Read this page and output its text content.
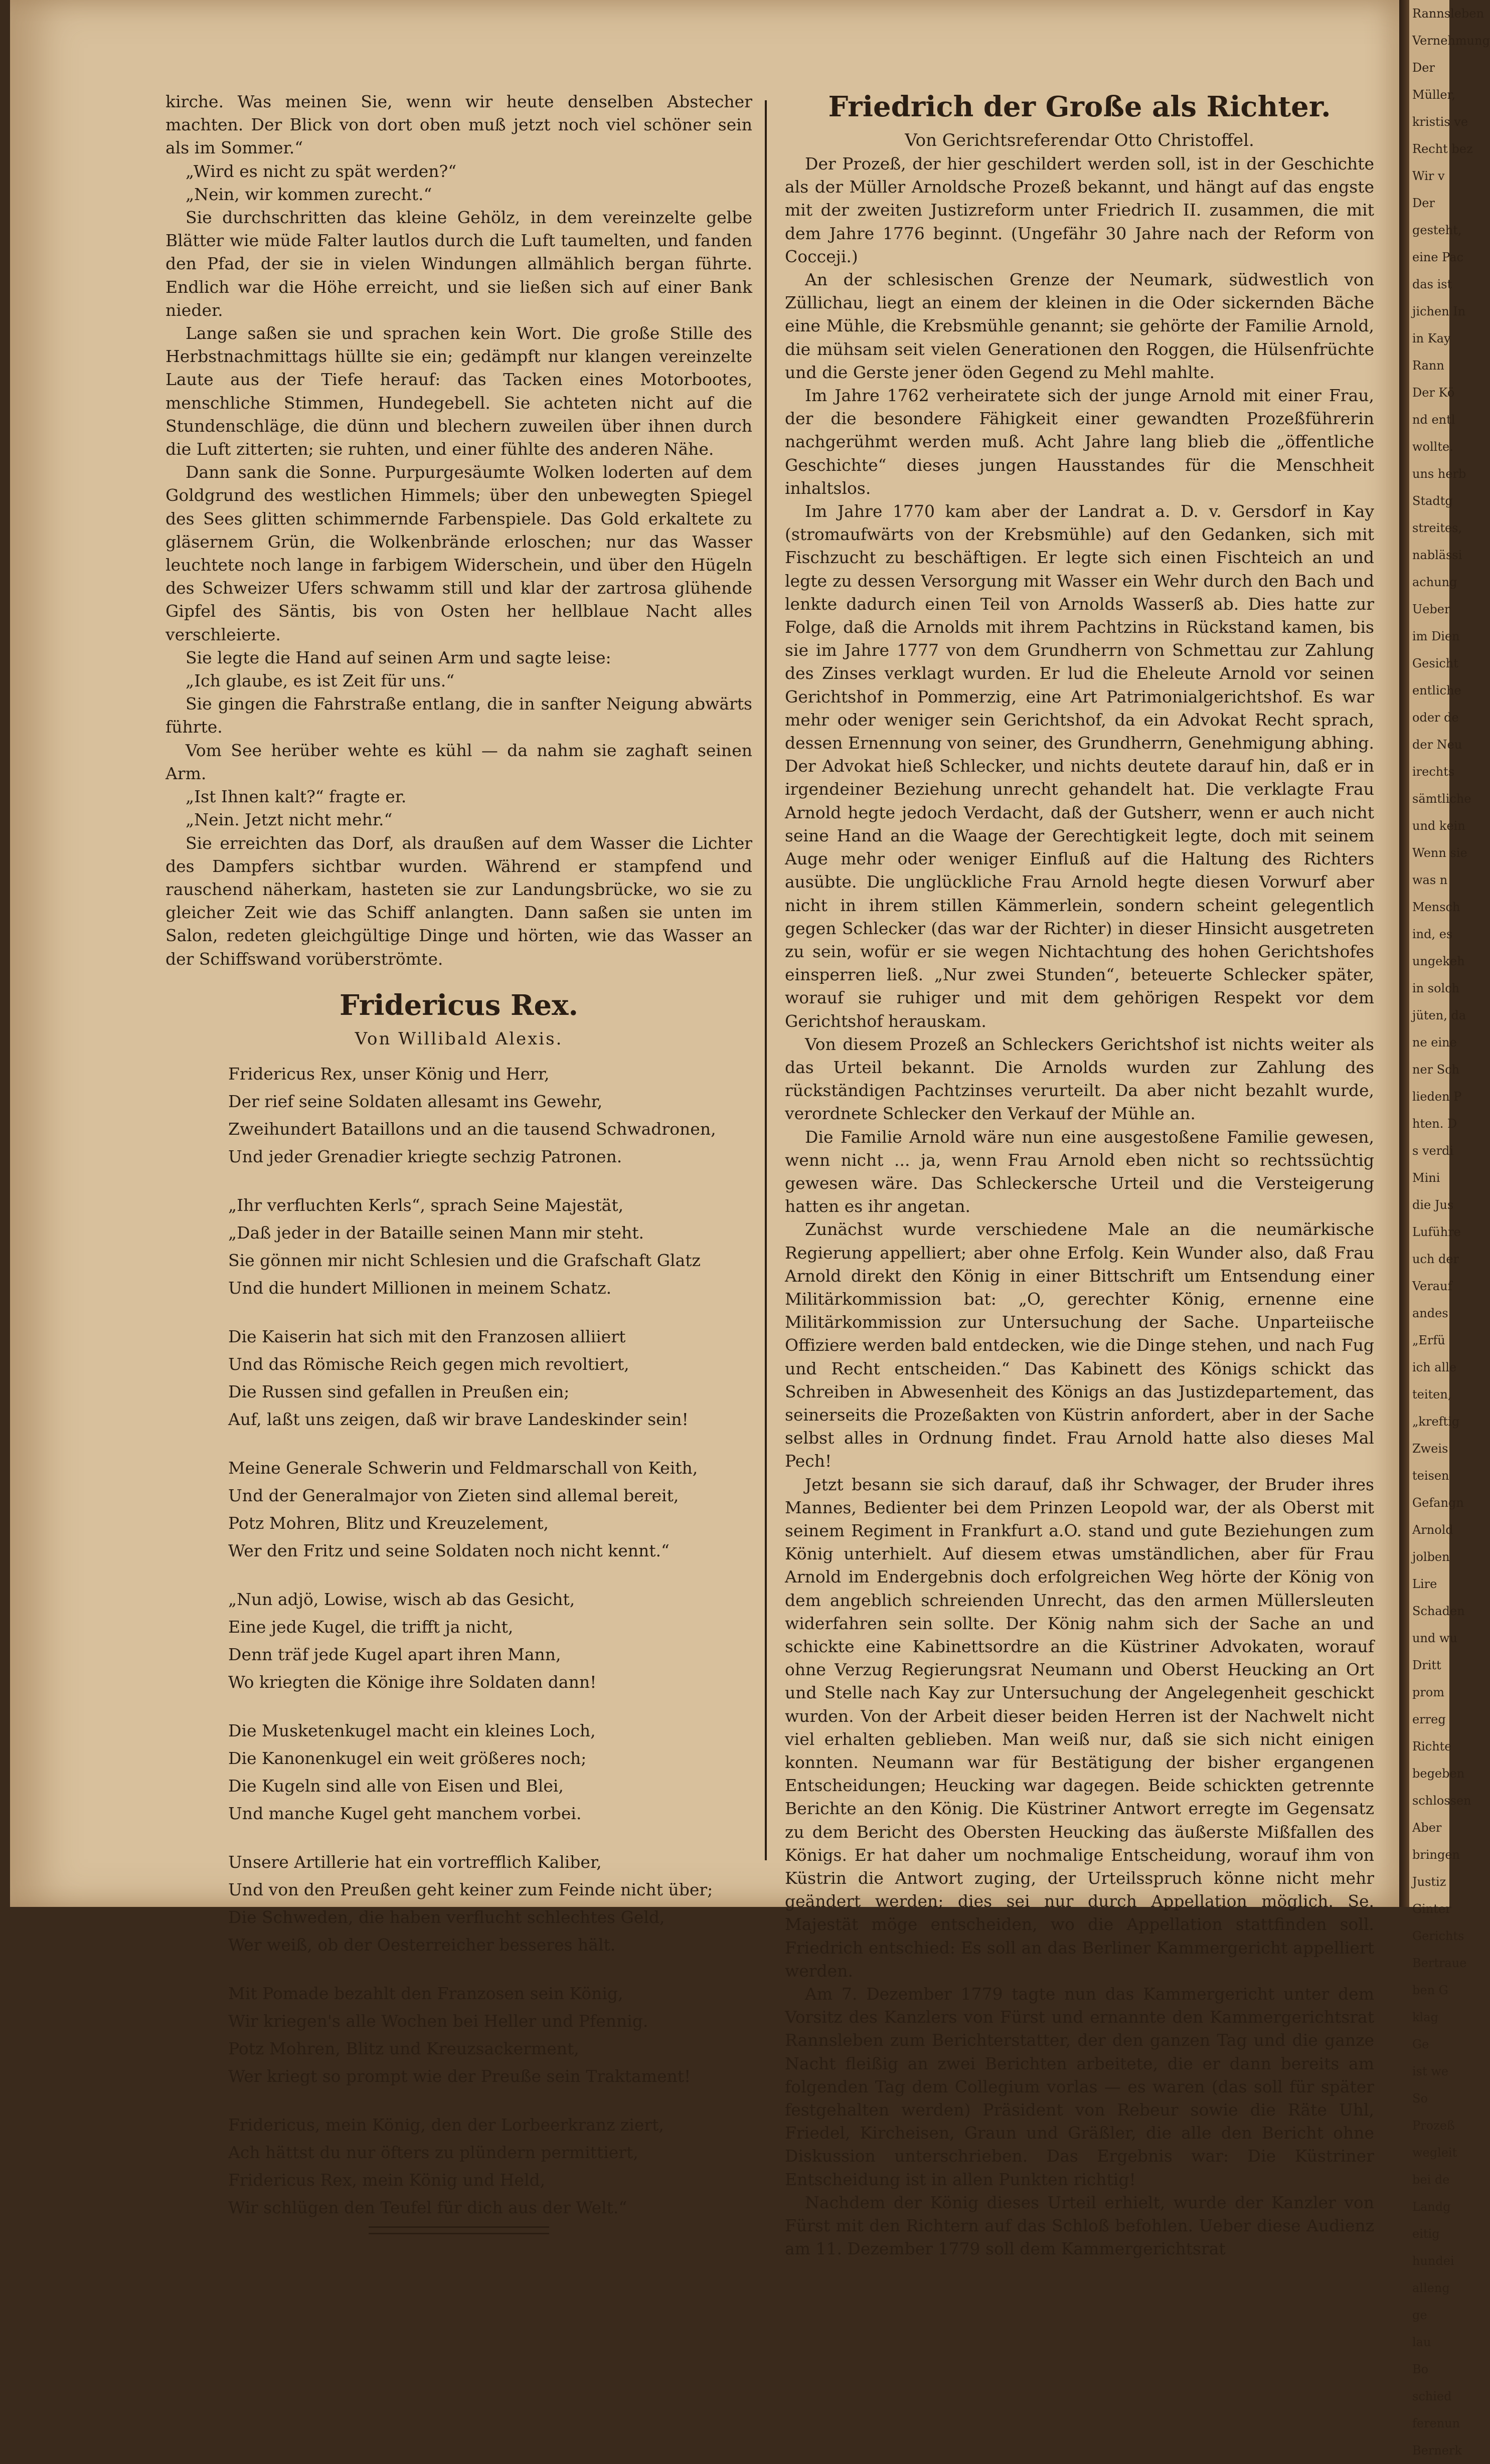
kirche. Was meinen Sie, wenn wir heute denselben Abstecher machten. Der Blick von dort oben muß jetzt noch viel schöner sein als im Sommer.“

„Wird es nicht zu spät werden?“

„Nein, wir kommen zurecht.“

Sie durchschritten das kleine Gehölz, in dem vereinzelte gelbe Blätter wie müde Falter lautlos durch die Luft taumelten, und fanden den Pfad, der sie in vielen Windungen allmählich bergan führte. Endlich war die Höhe erreicht, und sie ließen sich auf einer Bank nieder.

Lange saßen sie und sprachen kein Wort. Die große Stille des Herbstnachmittags hüllte sie ein; gedämpft nur klangen vereinzelte Laute aus der Tiefe herauf: das Tacken eines Motorbootes, menschliche Stimmen, Hundegebell. Sie achteten nicht auf die Stundenschläge, die dünn und blechern zuweilen über ihnen durch die Luft zitterten; sie ruhten, und einer fühlte des anderen Nähe.

Dann sank die Sonne. Purpurgesäumte Wolken loderten auf dem Goldgrund des westlichen Himmels; über den unbewegten Spiegel des Sees glitten schimmernde Farbenspiele. Das Gold erkaltete zu gläsernem Grün, die Wolkenbrände erloschen; nur das Wasser leuchtete noch lange in farbigem Widerschein, und über den Hügeln des Schweizer Ufers schwamm still und klar der zartrosa glühende Gipfel des Säntis, bis von Osten her hellblaue Nacht alles verschleierte.

Sie legte die Hand auf seinen Arm und sagte leise:

„Ich glaube, es ist Zeit für uns.“

Sie gingen die Fahrstraße entlang, die in sanfter Neigung abwärts führte.

Vom See herüber wehte es kühl — da nahm sie zaghaft seinen Arm.

„Ist Ihnen kalt?“ fragte er.

„Nein. Jetzt nicht mehr.“

Sie erreichten das Dorf, als draußen auf dem Wasser die Lichter des Dampfers sichtbar wurden. Während er stampfend und rauschend näherkam, hasteten sie zur Landungsbrücke, wo sie zu gleicher Zeit wie das Schiff anlangten. Dann saßen sie unten im Salon, redeten gleichgültige Dinge und hörten, wie das Wasser an der Schiffswand vorüberströmte.

Fridericus Rex.
Von Willibald Alexis.
Fridericus Rex, unser König und Herr,
Der rief seine Soldaten allesamt ins Gewehr,
Zweihundert Bataillons und an die tausend Schwadronen,
Und jeder Grenadier kriegte sechzig Patronen.
„Ihr verfluchten Kerls“, sprach Seine Majestät,
„Daß jeder in der Bataille seinen Mann mir steht.
Sie gönnen mir nicht Schlesien und die Grafschaft Glatz
Und die hundert Millionen in meinem Schatz.
Die Kaiserin hat sich mit den Franzosen alliiert
Und das Römische Reich gegen mich revoltiert,
Die Russen sind gefallen in Preußen ein;
Auf, laßt uns zeigen, daß wir brave Landeskinder sein!
Meine Generale Schwerin und Feldmarschall von Keith,
Und der Generalmajor von Zieten sind allemal bereit,
Potz Mohren, Blitz und Kreuzelement,
Wer den Fritz und seine Soldaten noch nicht kennt.“
„Nun adjö, Lowise, wisch ab das Gesicht,
Eine jede Kugel, die trifft ja nicht,
Denn träf jede Kugel apart ihren Mann,
Wo kriegten die Könige ihre Soldaten dann!
Die Musketenkugel macht ein kleines Loch,
Die Kanonenkugel ein weit größeres noch;
Die Kugeln sind alle von Eisen und Blei,
Und manche Kugel geht manchem vorbei.
Unsere Artillerie hat ein vortrefflich Kaliber,
Und von den Preußen geht keiner zum Feinde nicht über;
Die Schweden, die haben verflucht schlechtes Geld,
Wer weiß, ob der Oesterreicher besseres hält.
Mit Pomade bezahlt den Franzosen sein König,
Wir kriegen's alle Wochen bei Heller und Pfennig.
Potz Mohren, Blitz und Kreuzsackerment,
Wer kriegt so prompt wie der Preuße sein Traktament!
Fridericus, mein König, den der Lorbeerkranz ziert,
Ach hättst du nur öfters zu plündern permittiert,
Fridericus Rex, mein König und Held,
Wir schlügen den Teufel für dich aus der Welt.“
Friedrich der Große als Richter.
Von Gerichtsreferendar Otto Christoffel.

Der Prozeß, der hier geschildert werden soll, ist in der Geschichte als der Müller Arnoldsche Prozeß bekannt, und hängt auf das engste mit der zweiten Justizreform unter Friedrich II. zusammen, die mit dem Jahre 1776 beginnt. (Ungefähr 30 Jahre nach der Reform von Cocceji.)

An der schlesischen Grenze der Neumark, südwestlich von Züllichau, liegt an einem der kleinen in die Oder sickernden Bäche eine Mühle, die Krebsmühle genannt; sie gehörte der Familie Arnold, die mühsam seit vielen Generationen den Roggen, die Hülsenfrüchte und die Gerste jener öden Gegend zu Mehl mahlte.

Im Jahre 1762 verheiratete sich der junge Arnold mit einer Frau, der die besondere Fähigkeit einer gewandten Prozeßführerin nachgerühmt werden muß. Acht Jahre lang blieb die „öffentliche Geschichte“ dieses jungen Hausstandes für die Menschheit inhaltslos.

Im Jahre 1770 kam aber der Landrat a. D. v. Gersdorf in Kay (stromaufwärts von der Krebsmühle) auf den Gedanken, sich mit Fischzucht zu beschäftigen. Er legte sich einen Fischteich an und legte zu dessen Versorgung mit Wasser ein Wehr durch den Bach und lenkte dadurch einen Teil von Arnolds Wasserß ab. Dies hatte zur Folge, daß die Arnolds mit ihrem Pachtzins in Rückstand kamen, bis sie im Jahre 1777 von dem Grundherrn von Schmettau zur Zahlung des Zinses verklagt wurden. Er lud die Eheleute Arnold vor seinen Gerichtshof in Pommerzig, eine Art Patrimonialgerichtshof. Es war mehr oder weniger sein Gerichtshof, da ein Advokat Recht sprach, dessen Ernennung von seiner, des Grundherrn, Genehmigung abhing. Der Advokat hieß Schlecker, und nichts deutete darauf hin, daß er in irgendeiner Beziehung unrecht gehandelt hat. Die verklagte Frau Arnold hegte jedoch Verdacht, daß der Gutsherr, wenn er auch nicht seine Hand an die Waage der Gerechtigkeit legte, doch mit seinem Auge mehr oder weniger Einfluß auf die Haltung des Richters ausübte. Die unglückliche Frau Arnold hegte diesen Vorwurf aber nicht in ihrem stillen Kämmerlein, sondern scheint gelegentlich gegen Schlecker (das war der Richter) in dieser Hinsicht ausgetreten zu sein, wofür er sie wegen Nichtachtung des hohen Gerichtshofes einsperren ließ. „Nur zwei Stunden“, beteuerte Schlecker später, worauf sie ruhiger und mit dem gehörigen Respekt vor dem Gerichtshof herauskam.

Von diesem Prozeß an Schleckers Gerichtshof ist nichts weiter als das Urteil bekannt. Die Arnolds wurden zur Zahlung des rückständigen Pachtzinses verurteilt. Da aber nicht bezahlt wurde, verordnete Schlecker den Verkauf der Mühle an.

Die Familie Arnold wäre nun eine ausgestoßene Familie gewesen, wenn nicht ... ja, wenn Frau Arnold eben nicht so rechtssüchtig gewesen wäre. Das Schleckersche Urteil und die Versteigerung hatten es ihr angetan.

Zunächst wurde verschiedene Male an die neumärkische Regierung appelliert; aber ohne Erfolg. Kein Wunder also, daß Frau Arnold direkt den König in einer Bittschrift um Entsendung einer Militärkommission bat: „O, gerechter König, ernenne eine Militärkommission zur Untersuchung der Sache. Unparteiische Offiziere werden bald entdecken, wie die Dinge stehen, und nach Fug und Recht entscheiden.“ Das Kabinett des Königs schickt das Schreiben in Abwesenheit des Königs an das Justizdepartement, das seinerseits die Prozeßakten von Küstrin anfordert, aber in der Sache selbst alles in Ordnung findet. Frau Arnold hatte also dieses Mal Pech!

Jetzt besann sie sich darauf, daß ihr Schwager, der Bruder ihres Mannes, Bedienter bei dem Prinzen Leopold war, der als Oberst mit seinem Regiment in Frankfurt a.O. stand und gute Beziehungen zum König unterhielt. Auf diesem etwas umständlichen, aber für Frau Arnold im Endergebnis doch erfolgreichen Weg hörte der König von dem angeblich schreienden Unrecht, das den armen Müllersleuten widerfahren sein sollte. Der König nahm sich der Sache an und schickte eine Kabinettsordre an die Küstriner Advokaten, worauf ohne Verzug Regierungsrat Neumann und Oberst Heucking an Ort und Stelle nach Kay zur Untersuchung der Angelegenheit geschickt wurden. Von der Arbeit dieser beiden Herren ist der Nachwelt nicht viel erhalten geblieben. Man weiß nur, daß sie sich nicht einigen konnten. Neumann war für Bestätigung der bisher ergangenen Entscheidungen; Heucking war dagegen. Beide schickten getrennte Berichte an den König. Die Küstriner Antwort erregte im Gegensatz zu dem Bericht des Obersten Heucking das äußerste Mißfallen des Königs. Er hat daher um nochmalige Entscheidung, worauf ihm von Küstrin die Antwort zuging, der Urteilsspruch könne nicht mehr geändert werden; dies sei nur durch Appellation möglich. Se. Majestät möge entscheiden, wo die Appellation stattfinden soll. Friedrich entschied: Es soll an das Berliner Kammergericht appelliert werden.

Am 7. Dezember 1779 tagte nun das Kammergericht unter dem Vorsitz des Kanzlers von Fürst und ernannte den Kammergerichtsrat Rannsleben zum Berichterstatter, der den ganzen Tag und die ganze Nacht fleißig an zwei Berichten arbeitete, die er dann bereits am folgenden Tag dem Collegium vorlas — es waren (das soll für später festgehalten werden) Präsident von Rebeur sowie die Räte Uhl, Friedel, Kircheisen, Graun und Gräßler, die alle den Bericht ohne Diskussion unterschrieben. Das Ergebnis war: Die Küstriner Entscheidung ist in allen Punkten richtig!

Nachdem der König dieses Urteil erhielt, wurde der Kanzler von Fürst mit den Richtern auf das Schloß befohlen. Ueber diese Audienz am 11. Dezember 1779 soll dem Kammergerichtsrat

Rannsleben
Vernehmung
Der
Müller,
kristis ve
Recht bez
Wir v
Der
gesteht,
eine Pac
das ist
jichen In
in Kay
Rann
Der Kö
nd entl
wollte.
uns herb
Stadtg
streites,
nablässi
achung
Ueber
im Dien
Gesicht
entliche
oder de
der Neu
irechts
sämtliche
und kein
Wenn sie
was n
Mensch
ind, es
ungekeh
in solch
jüten, da
ne eine
ner Sch
lieden P
hten. D
s verdi
Mini
die Jus
Luführe
uch der
Verauf
andes
„Erfü
ich alle
teiten,
„kreftig
Zweis
teisen
Gefangn
Arnold
jolben
Lire
Schaden
und wu
Dritt
prom
erreg
Richte
begeben
schlossen
Aber
bringen
Justiz
Ginter
Gerichts
Bertraue
ben G
klag
Ge
ist we
So
Prozeß
wegleit
bei de
Landg
eitig
hundei
alleng
ge
lau
Bo
schied
ferenun
Bernerk
